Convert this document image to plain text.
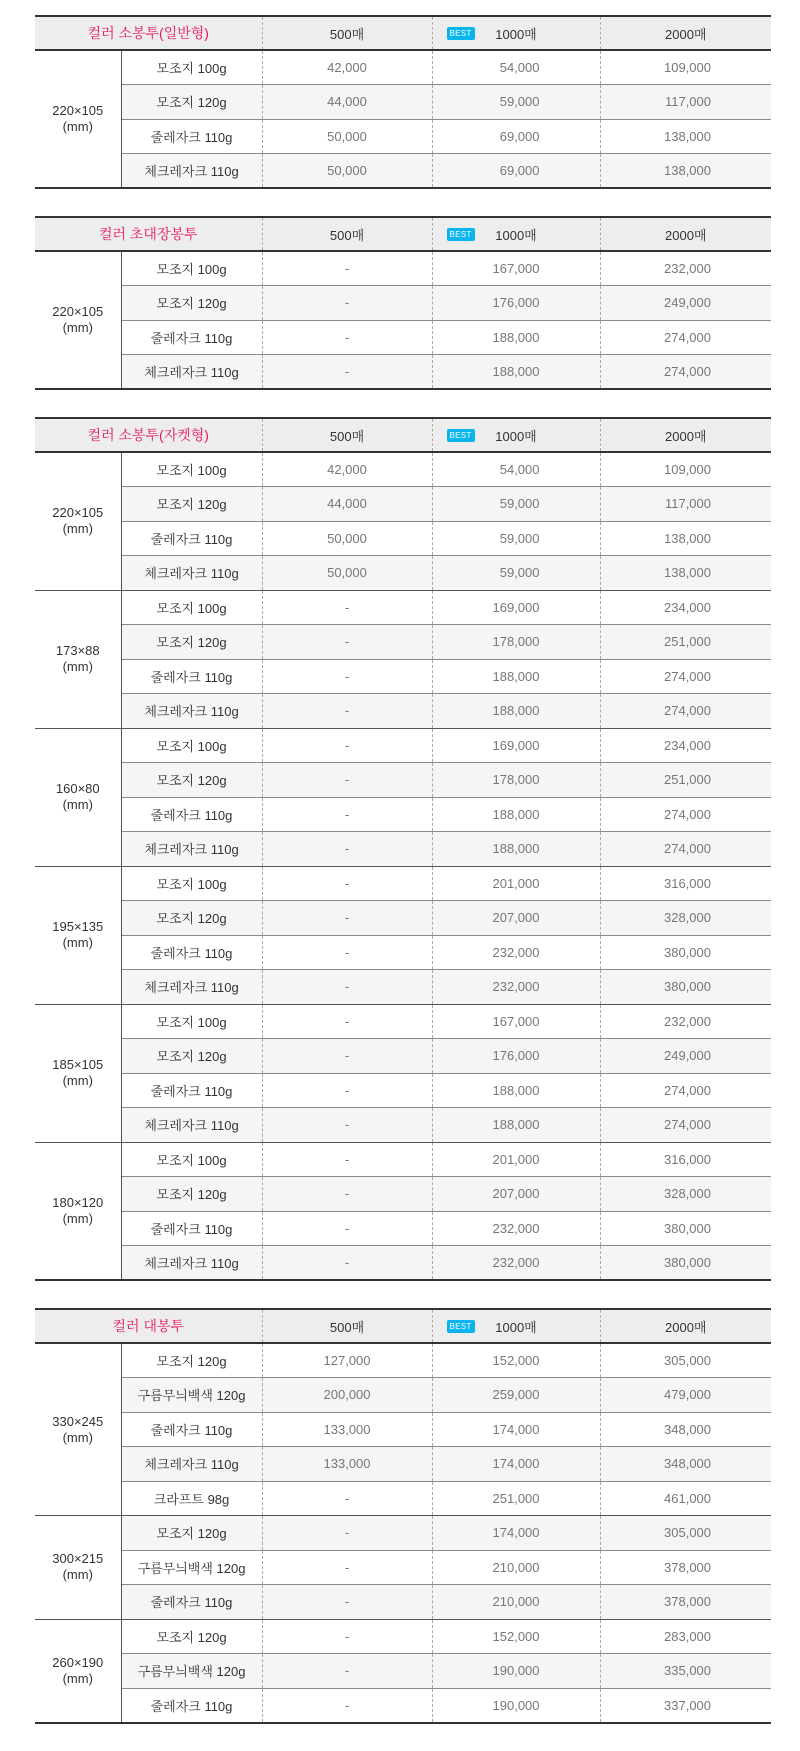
컬러 소봉투(일반형)		500매	BEST 1000매	2000매
220×105
(mm)	모조지 100g	42,000	54,000	109,000
	모조지 120g	44,000	59,000	117,000
	줄레자크 110g	50,000	69,000	138,000
	체크레자크 110g	50,000	69,000	138,000
컬러 초대장봉투		500매	BEST 1000매	2000매
220×105
(mm)	모조지 100g	-	167,000	232,000
	모조지 120g	-	176,000	249,000
	줄레자크 110g	-	188,000	274,000
	체크레자크 110g	-	188,000	274,000
컬러 소봉투(자켓형)		500매	BEST 1000매	2000매
220×105
(mm)	모조지 100g	42,000	54,000	109,000
	모조지 120g	44,000	59,000	117,000
	줄레자크 110g	50,000	59,000	138,000
	체크레자크 110g	50,000	59,000	138,000
173×88
(mm)	모조지 100g	-	169,000	234,000
	모조지 120g	-	178,000	251,000
	줄레자크 110g	-	188,000	274,000
	체크레자크 110g	-	188,000	274,000
160×80
(mm)	모조지 100g	-	169,000	234,000
	모조지 120g	-	178,000	251,000
	줄레자크 110g	-	188,000	274,000
	체크레자크 110g	-	188,000	274,000
195×135
(mm)	모조지 100g	-	201,000	316,000
	모조지 120g	-	207,000	328,000
	줄레자크 110g	-	232,000	380,000
	체크레자크 110g	-	232,000	380,000
185×105
(mm)	모조지 100g	-	167,000	232,000
	모조지 120g	-	176,000	249,000
	줄레자크 110g	-	188,000	274,000
	체크레자크 110g	-	188,000	274,000
180×120
(mm)	모조지 100g	-	201,000	316,000
	모조지 120g	-	207,000	328,000
	줄레자크 110g	-	232,000	380,000
	체크레자크 110g	-	232,000	380,000
컬러 대봉투		500매	BEST 1000매	2000매
330×245
(mm)	모조지 120g	127,000	152,000	305,000
	구름무늬백색 120g	200,000	259,000	479,000
	줄레자크 110g	133,000	174,000	348,000
	체크레자크 110g	133,000	174,000	348,000
	크라프트 98g	-	251,000	461,000
300×215
(mm)	모조지 120g	-	174,000	305,000
	구름무늬백색 120g	-	210,000	378,000
	줄레자크 110g	-	210,000	378,000
260×190
(mm)	모조지 120g	-	152,000	283,000
	구름무늬백색 120g	-	190,000	335,000
	줄레자크 110g	-	190,000	337,000
